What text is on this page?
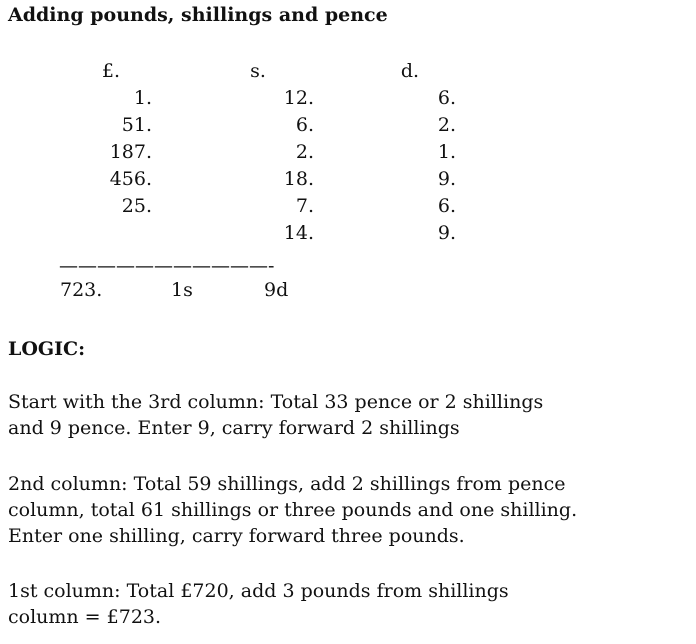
Adding pounds, shillings and pence
£.	s.	d.
1.	12.	6.
51.	6.	2.
187.	2.	1.
456.	18.	9.
25.	7.	6.
	14.	9.
———————————-
723.	1s	9d
LOGIC:
Start with the 3rd column: Total 33 pence or 2 shillings
and 9 pence. Enter 9, carry forward 2 shillings
2nd column: Total 59 shillings, add 2 shillings from pence
column, total 61 shillings or three pounds and one shilling.
Enter one shilling, carry forward three pounds.
1st column: Total £720, add 3 pounds from shillings
column = £723.
